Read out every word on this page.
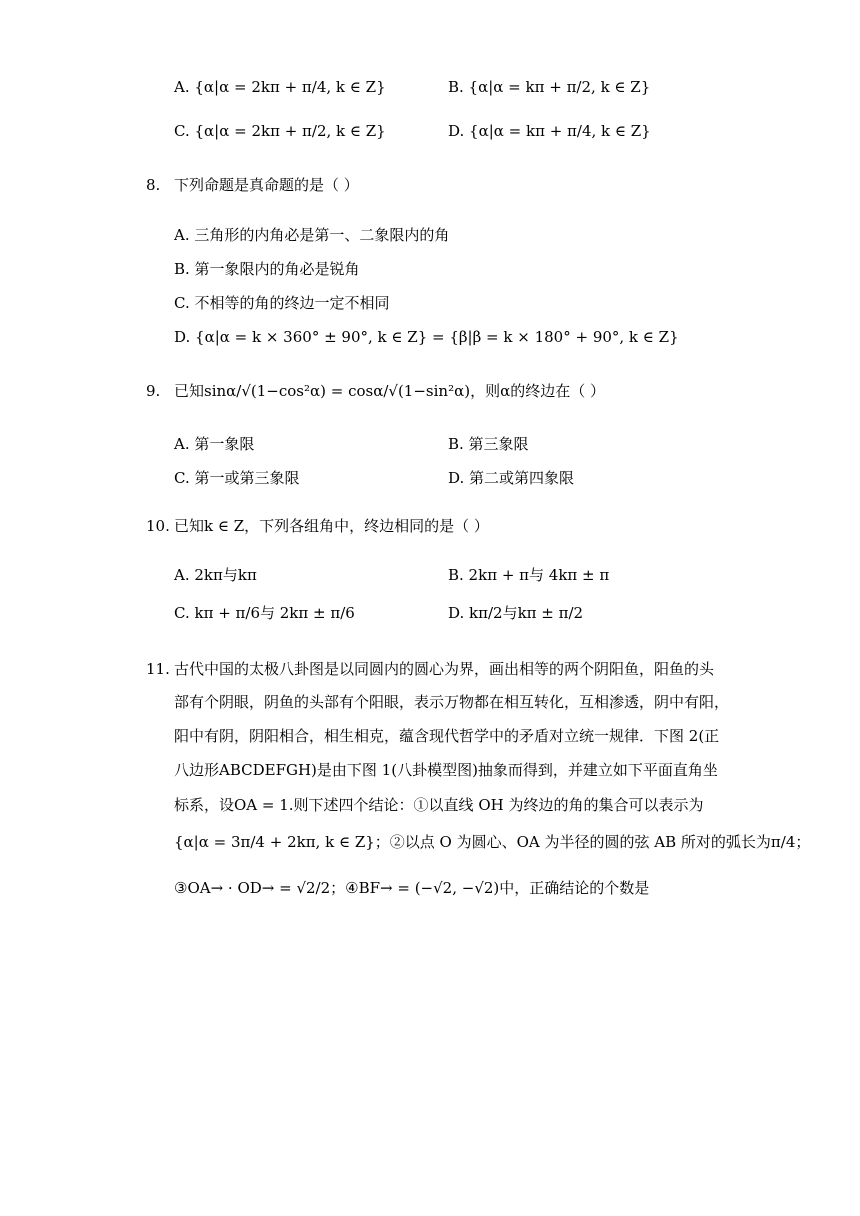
A. {α|α = 2kπ + π/4, k ∈ Z}	B. {α|α = kπ + π/2, k ∈ Z}
C. {α|α = 2kπ + π/2, k ∈ Z}	D. {α|α = kπ + π/4, k ∈ Z}
8. 下列命题是真命题的是（ ）
A. 三角形的内角必是第一、二象限内的角
B. 第一象限内的角必是锐角
C. 不相等的角的终边一定不相同
D. {α|α = k × 360° ± 90°, k ∈ Z} = {β|β = k × 180° + 90°, k ∈ Z}
9. 已知sinα/√(1−cos²α) = cosα/√(1−sin²α)，则α的终边在（ ）
A. 第一象限	B. 第三象限
C. 第一或第三象限	D. 第二或第四象限
10. 已知k ∈ Z，下列各组角中，终边相同的是（ ）
A. 2kπ与kπ	B. 2kπ + π与 4kπ ± π
C. kπ + π/6与 2kπ ± π/6	D. kπ/2与kπ ± π/2
11. 古代中国的太极八卦图是以同圆内的圆心为界，画出相等的两个阴阳鱼，阳鱼的头
部有个阴眼，阴鱼的头部有个阳眼，表示万物都在相互转化，互相渗透，阴中有阳，
阳中有阴，阴阳相合，相生相克，蕴含现代哲学中的矛盾对立统一规律．下图 2(正
八边形ABCDEFGH)是由下图 1(八卦模型图)抽象而得到，并建立如下平面直角坐
标系，设OA = 1.则下述四个结论：①以直线 OH 为终边的角的集合可以表示为
{α|α = 3π/4 + 2kπ, k ∈ Z}；②以点 O 为圆心、OA 为半径的圆的弦 AB 所对的弧长为π/4；
③OA→ · OD→ = √2/2；④BF→ = (−√2, −√2)中，正确结论的个数是
